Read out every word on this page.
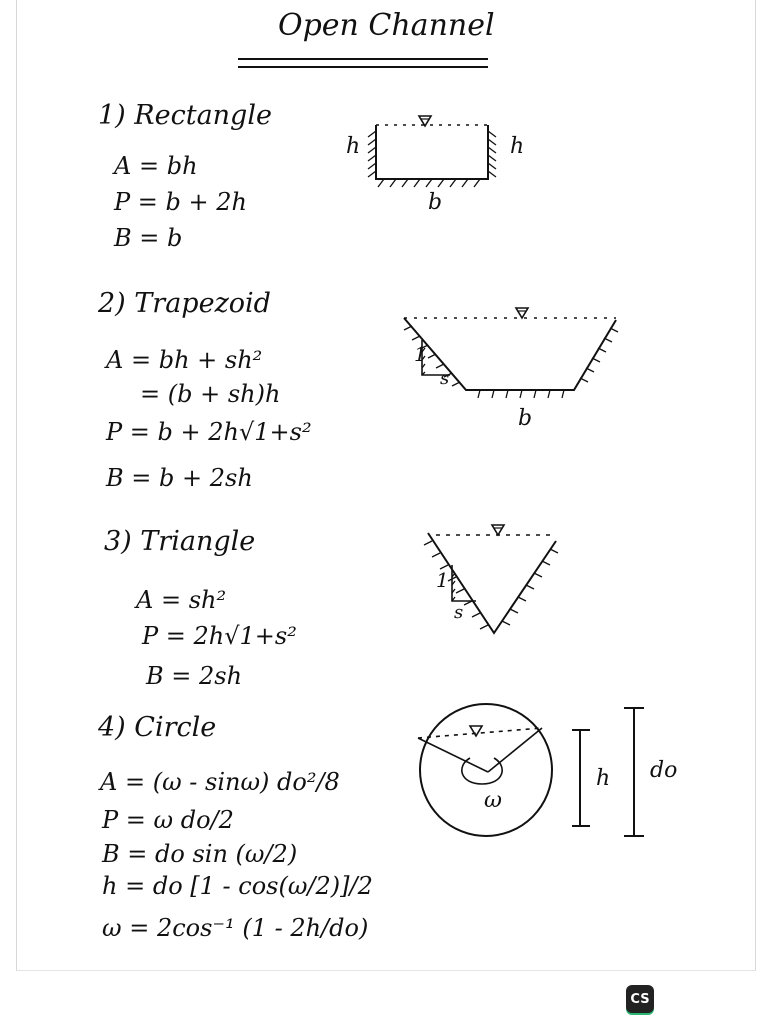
Open Channel
1) Rectangle
A = bh
P = b + 2h
B = b
h	h
b
2) Trapezoid
A = bh + sh²
= (b + sh)h
P = b + 2h√1+s²
B = b + 2sh
1
s
b
3) Triangle
A = sh²
P = 2h√1+s²
B = 2sh
1
s
4) Circle
A = (ω - sinω) do²/8
P = ω do/2
B = do sin (ω/2)
h = do [1 - cos(ω/2)]/2
ω = 2cos⁻¹ (1 - 2h/do)
ω
h do
CS
